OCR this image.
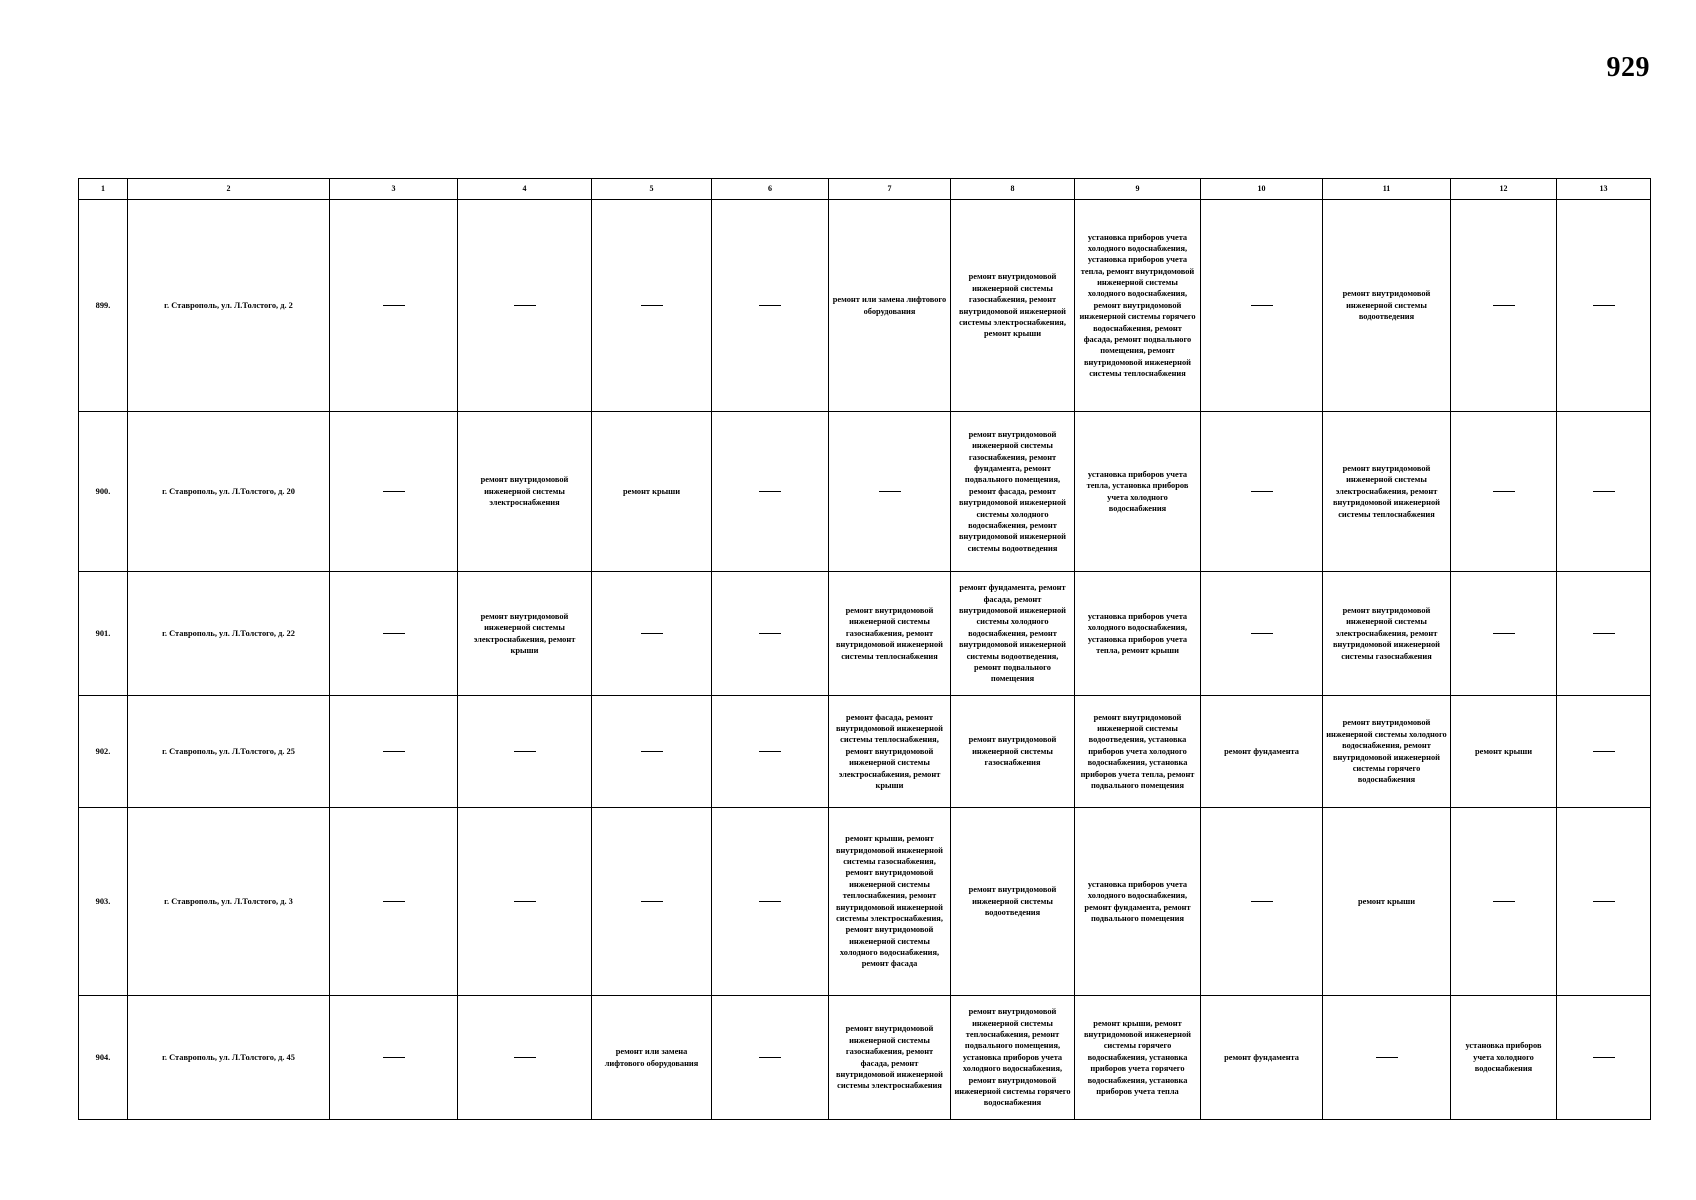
929
1	2	3	4	5	6	7	8	9	10	11	12	13
899.	г. Ставрополь, ул. Л.Толстого, д. 2					ремонт или замена лифтового оборудования	ремонт внутридомовой инженерной системы газоснабжения, ремонт внутридомовой инженерной системы электроснабжения, ремонт крыши	установка приборов учета холодного водоснабжения, установка приборов учета тепла, ремонт внутридомовой инженерной системы холодного водоснабжения, ремонт внутридомовой инженерной системы горячего водоснабжения, ремонт фасада, ремонт подвального помещения, ремонт внутридомовой инженерной системы теплоснабжения		ремонт внутридомовой инженерной системы водоотведения		
900.	г. Ставрополь, ул. Л.Толстого, д. 20		ремонт внутридомовой инженерной системы электроснабжения	ремонт крыши			ремонт внутридомовой инженерной системы газоснабжения, ремонт фундамента, ремонт подвального помещения, ремонт фасада, ремонт внутридомовой инженерной системы холодного водоснабжения, ремонт внутридомовой инженерной системы водоотведения	установка приборов учета тепла, установка приборов учета холодного водоснабжения		ремонт внутридомовой инженерной системы электроснабжения, ремонт внутридомовой инженерной системы теплоснабжения		
901.	г. Ставрополь, ул. Л.Толстого, д. 22		ремонт внутридомовой инженерной системы электроснабжения, ремонт крыши			ремонт внутридомовой инженерной системы газоснабжения, ремонт внутридомовой инженерной системы теплоснабжения	ремонт фундамента, ремонт фасада, ремонт внутридомовой инженерной системы холодного водоснабжения, ремонт внутридомовой инженерной системы водоотведения, ремонт подвального помещения	установка приборов учета холодного водоснабжения, установка приборов учета тепла, ремонт крыши		ремонт внутридомовой инженерной системы электроснабжения, ремонт внутридомовой инженерной системы газоснабжения		
902.	г. Ставрополь, ул. Л.Толстого, д. 25					ремонт фасада, ремонт внутридомовой инженерной системы теплоснабжения, ремонт внутридомовой инженерной системы электроснабжения, ремонт крыши	ремонт внутридомовой инженерной системы газоснабжения	ремонт внутридомовой инженерной системы водоотведения, установка приборов учета холодного водоснабжения, установка приборов учета тепла, ремонт подвального помещения	ремонт фундамента	ремонт внутридомовой инженерной системы холодного водоснабжения, ремонт внутридомовой инженерной системы горячего водоснабжения	ремонт крыши	
903.	г. Ставрополь, ул. Л.Толстого, д. 3					ремонт крыши, ремонт внутридомовой инженерной системы газоснабжения, ремонт внутридомовой инженерной системы теплоснабжения, ремонт внутридомовой инженерной системы электроснабжения, ремонт внутридомовой инженерной системы холодного водоснабжения, ремонт фасада	ремонт внутридомовой инженерной системы водоотведения	установка приборов учета холодного водоснабжения, ремонт фундамента, ремонт подвального помещения		ремонт крыши		
904.	г. Ставрополь, ул. Л.Толстого, д. 45			ремонт или замена лифтового оборудования		ремонт внутридомовой инженерной системы газоснабжения, ремонт фасада, ремонт внутридомовой инженерной системы электроснабжения	ремонт внутридомовой инженерной системы теплоснабжения, ремонт подвального помещения, установка приборов учета холодного водоснабжения, ремонт внутридомовой инженерной системы горячего водоснабжения	ремонт крыши, ремонт внутридомовой инженерной системы горячего водоснабжения, установка приборов учета горячего водоснабжения, установка приборов учета тепла	ремонт фундамента		установка приборов учета холодного водоснабжения	
